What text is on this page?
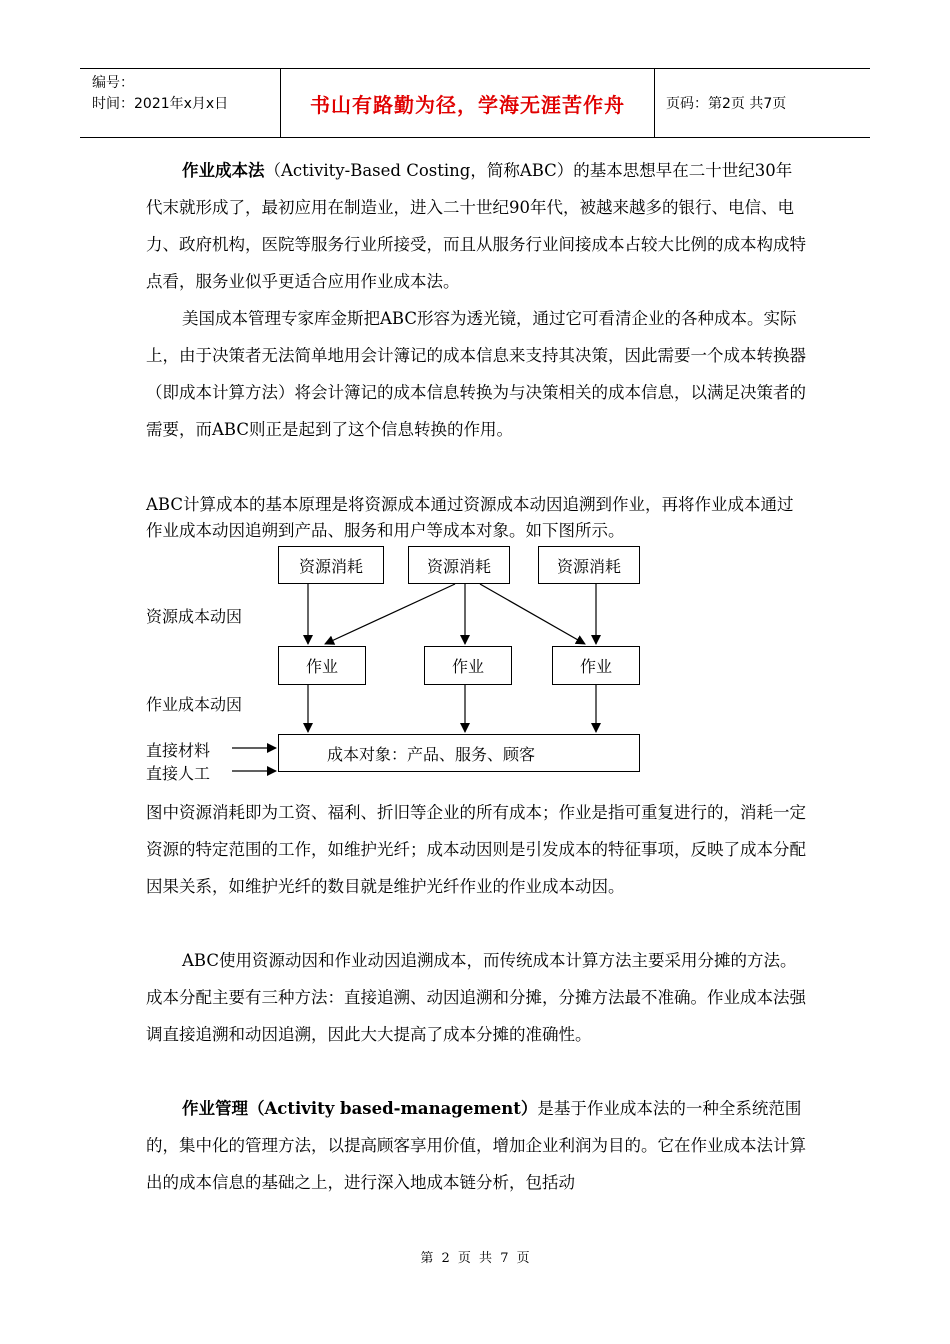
编号：
时间：2021年x月x日	书山有路勤为径，学海无涯苦作舟	页码：第2页 共7页
作业成本法（Activity-Based Costing，简称ABC）的基本思想早在二十世纪30年代末就形成了，最初应用在制造业，进入二十世纪90年代，被越来越多的银行、电信、电力、政府机构，医院等服务行业所接受，而且从服务行业间接成本占较大比例的成本构成特点看，服务业似乎更适合应用作业成本法。
美国成本管理专家库金斯把ABC形容为透光镜，通过它可看清企业的各种成本。实际上，由于决策者无法简单地用会计簿记的成本信息来支持其决策，因此需要一个成本转换器（即成本计算方法）将会计簿记的成本信息转换为与决策相关的成本信息，以满足决策者的需要，而ABC则正是起到了这个信息转换的作用。
ABC计算成本的基本原理是将资源成本通过资源成本动因追溯到作业，再将作业成本通过作业成本动因追朔到产品、服务和用户等成本对象。如下图所示。
资源消耗	资源消耗	资源消耗
资源成本动因
作业	作业	作业
作业成本动因
成本对象：产品、服务、顾客
直接材料
直接人工
图中资源消耗即为工资、福利、折旧等企业的所有成本；作业是指可重复进行的，消耗一定资源的特定范围的工作，如维护光纤；成本动因则是引发成本的特征事项，反映了成本分配因果关系，如维护光纤的数目就是维护光纤作业的作业成本动因。
ABC使用资源动因和作业动因追溯成本，而传统成本计算方法主要采用分摊的方法。成本分配主要有三种方法：直接追溯、动因追溯和分摊，分摊方法最不准确。作业成本法强调直接追溯和动因追溯，因此大大提高了成本分摊的准确性。
作业管理（Activity based-management）是基于作业成本法的一种全系统范围的，集中化的管理方法，以提高顾客享用价值，增加企业利润为目的。它在作业成本法计算出的成本信息的基础之上，进行深入地成本链分析，包括动
第 2 页 共 7 页
